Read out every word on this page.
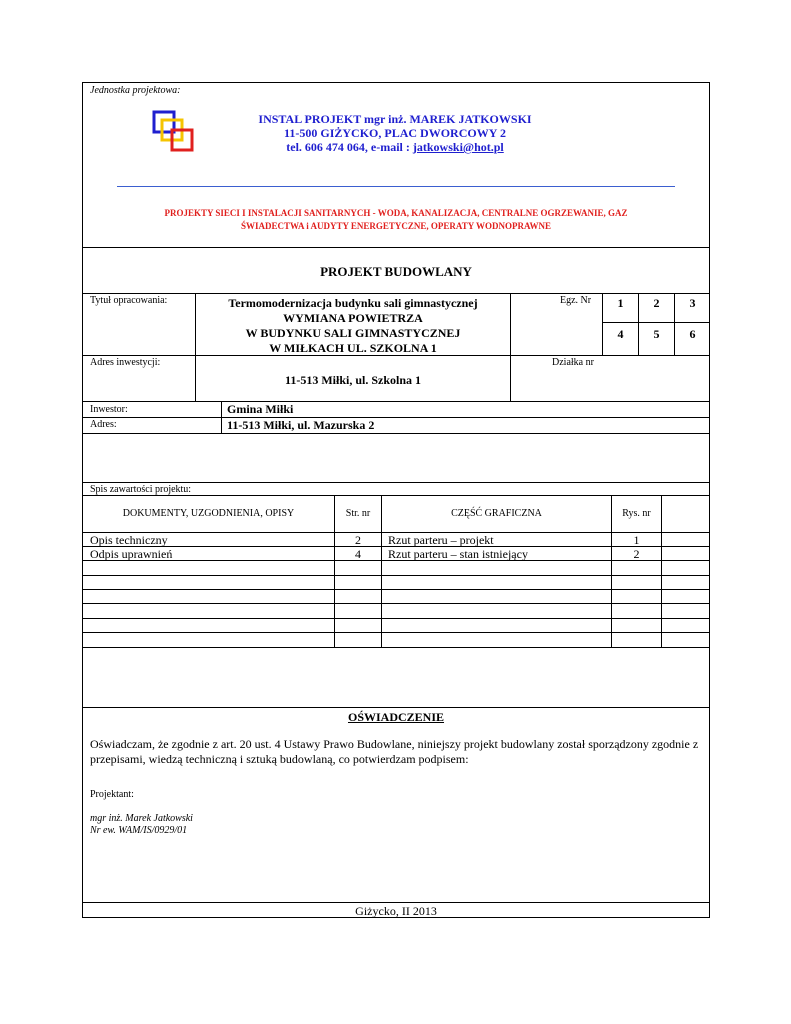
Jednostka projektowa:
INSTAL PROJEKT mgr inż. MAREK JATKOWSKI
11-500 GIŻYCKO, PLAC DWORCOWY 2
tel. 606 474 064, e-mail : jatkowski@hot.pl
PROJEKTY SIECI I INSTALACJI SANITARNYCH - WODA, KANALIZACJA, CENTRALNE OGRZEWANIE, GAZ
ŚWIADECTWA i AUDYTY ENERGETYCZNE, OPERATY WODNOPRAWNE
PROJEKT BUDOWLANY
Tytuł opracowania:	Termomodernizacja budynku sali gimnastycznej
WYMIANA POWIETRZA
W BUDYNKU SALI GIMNASTYCZNEJ
W MIŁKACH UL. SZKOLNA 1
Egz. Nr	1	2	3
4	5	6
Adres inwestycji:
11-513 Miłki, ul. Szkolna 1
Działka nr
Inwestor:	Gmina Miłki
Adres:	11-513 Miłki, ul. Mazurska 2
Spis zawartości projektu:
DOKUMENTY, UZGODNIENIA, OPISY	Str. nr	CZĘŚĆ GRAFICZNA	Rys. nr
Opis techniczny	2	Rzut parteru – projekt	1
Odpis uprawnień	4	Rzut parteru – stan istniejący	2
OŚWIADCZENIE
Oświadczam, że zgodnie z art. 20 ust. 4 Ustawy Prawo Budowlane, niniejszy projekt budowlany został sporządzony zgodnie z przepisami, wiedzą techniczną i sztuką budowlaną, co potwierdzam podpisem:
Projektant:
mgr inż. Marek Jatkowski
Nr ew. WAM/IS/0929/01
Giżycko, II 2013
